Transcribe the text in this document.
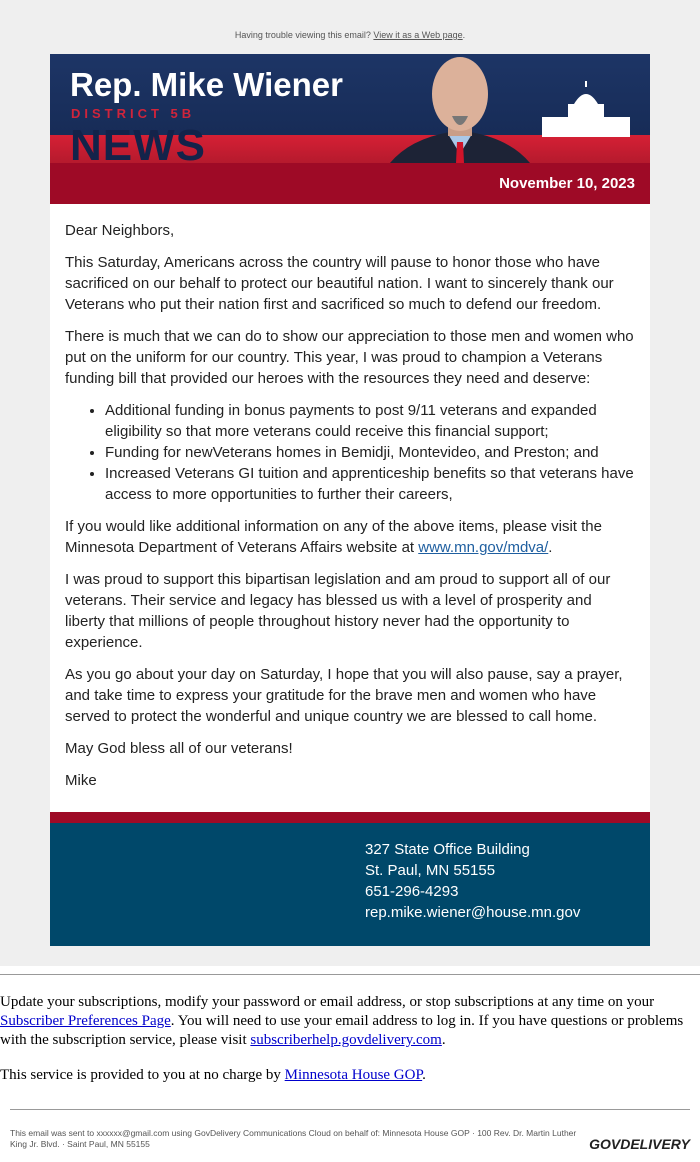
Having trouble viewing this email? View it as a Web page.
Rep. Mike Wiener
DISTRICT 5B
NEWS
November 10, 2023

Dear Neighbors,

This Saturday, Americans across the country will pause to honor those who have sacrificed on our behalf to protect our beautiful nation. I want to sincerely thank our Veterans who put their nation first and sacrificed so much to defend our freedom.

There is much that we can do to show our appreciation to those men and women who put on the uniform for our country. This year, I was proud to champion a Veterans funding bill that provided our heroes with the resources they need and deserve:

• Additional funding in bonus payments to post 9/11 veterans and expanded eligibility so that more veterans could receive this financial support;
• Funding for newVeterans homes in Bemidji, Montevideo, and Preston; and
• Increased Veterans GI tuition and apprenticeship benefits so that veterans have access to more opportunities to further their careers,

If you would like additional information on any of the above items, please visit the Minnesota Department of Veterans Affairs website at www.mn.gov/mdva/.

I was proud to support this bipartisan legislation and am proud to support all of our veterans. Their service and legacy has blessed us with a level of prosperity and liberty that millions of people throughout history never had the opportunity to experience.

As you go about your day on Saturday, I hope that you will also pause, say a prayer, and take time to express your gratitude for the brave men and women who have served to protect the wonderful and unique country we are blessed to call home.

May God bless all of our veterans!

Mike

327 State Office Building
St. Paul, MN 55155
651-296-4293
rep.mike.wiener@house.mn.gov

Update your subscriptions, modify your password or email address, or stop subscriptions at any time on your Subscriber Preferences Page. You will need to use your email address to log in. If you have questions or problems with the subscription service, please visit subscriberhelp.govdelivery.com.

This service is provided to you at no charge by Minnesota House GOP.

This email was sent to xxxxxx@gmail.com using GovDelivery Communications Cloud on behalf of: Minnesota House GOP · 100 Rev. Dr. Martin Luther King Jr. Blvd. · Saint Paul, MN 55155	GOVDELIVERY
